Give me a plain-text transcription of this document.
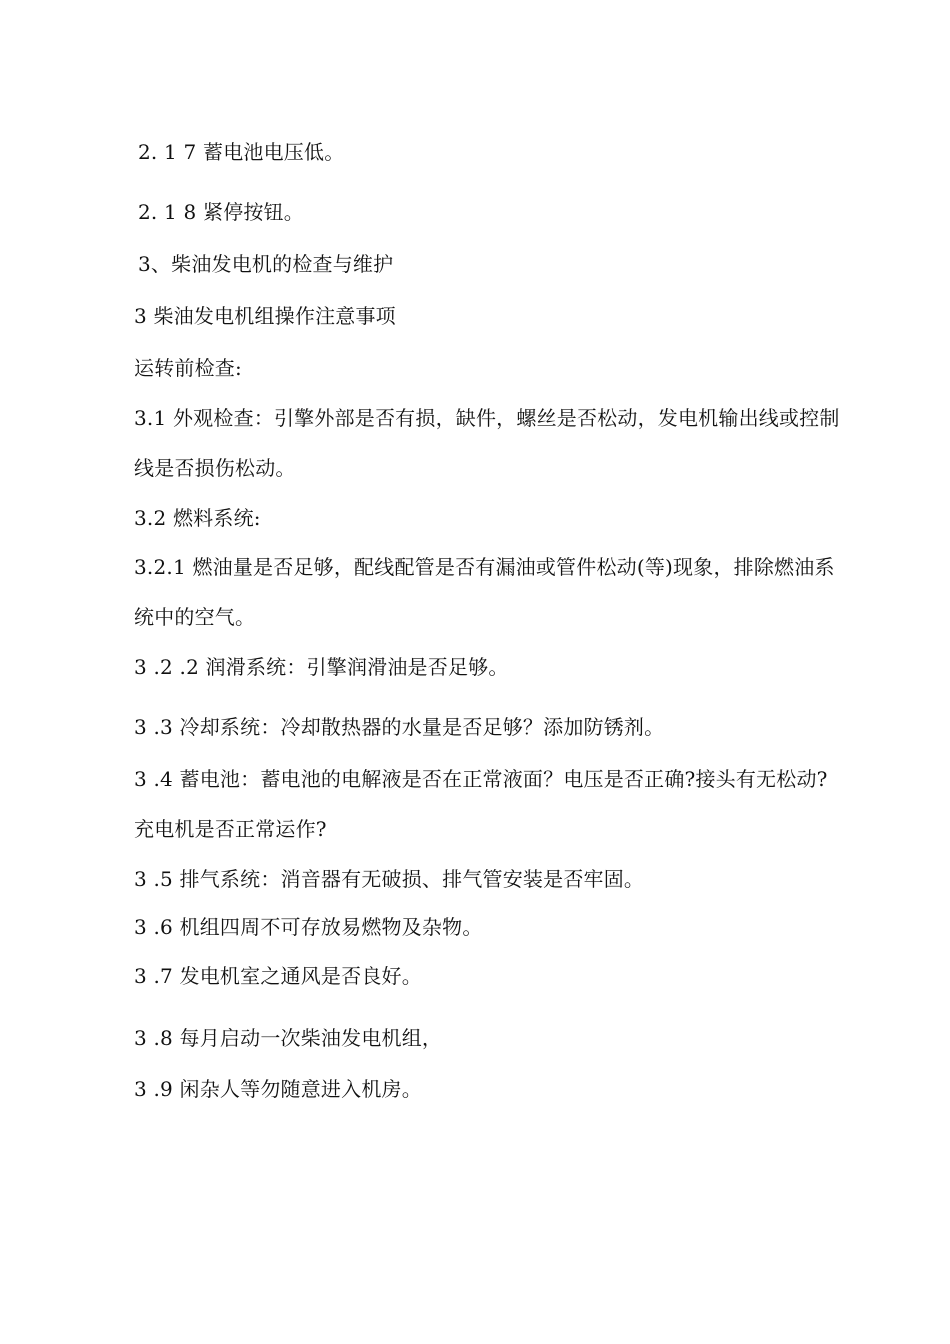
2. 1 7 蓄电池电压低。
2. 1 8 紧停按钮。
3、柴油发电机的检查与维护
3 柴油发电机组操作注意事项
运转前检查:
3.1 外观检查：引擎外部是否有损，缺件，螺丝是否松动，发电机输出线或控制
线是否损伤松动。
3.2 燃料系统:
3.2.1 燃油量是否足够，配线配管是否有漏油或管件松动(等)现象，排除燃油系
统中的空气。
3 .2 .2 润滑系统：引擎润滑油是否足够。
3 .3 冷却系统：冷却散热器的水量是否足够？添加防锈剂。
3 .4 蓄电池：蓄电池的电解液是否在正常液面？电压是否正确?接头有无松动?
充电机是否正常运作?
3 .5 排气系统：消音器有无破损、排气管安装是否牢固。
3 .6 机组四周不可存放易燃物及杂物。
3 .7 发电机室之通风是否良好。
3 .8 每月启动一次柴油发电机组，
3 .9 闲杂人等勿随意进入机房。
